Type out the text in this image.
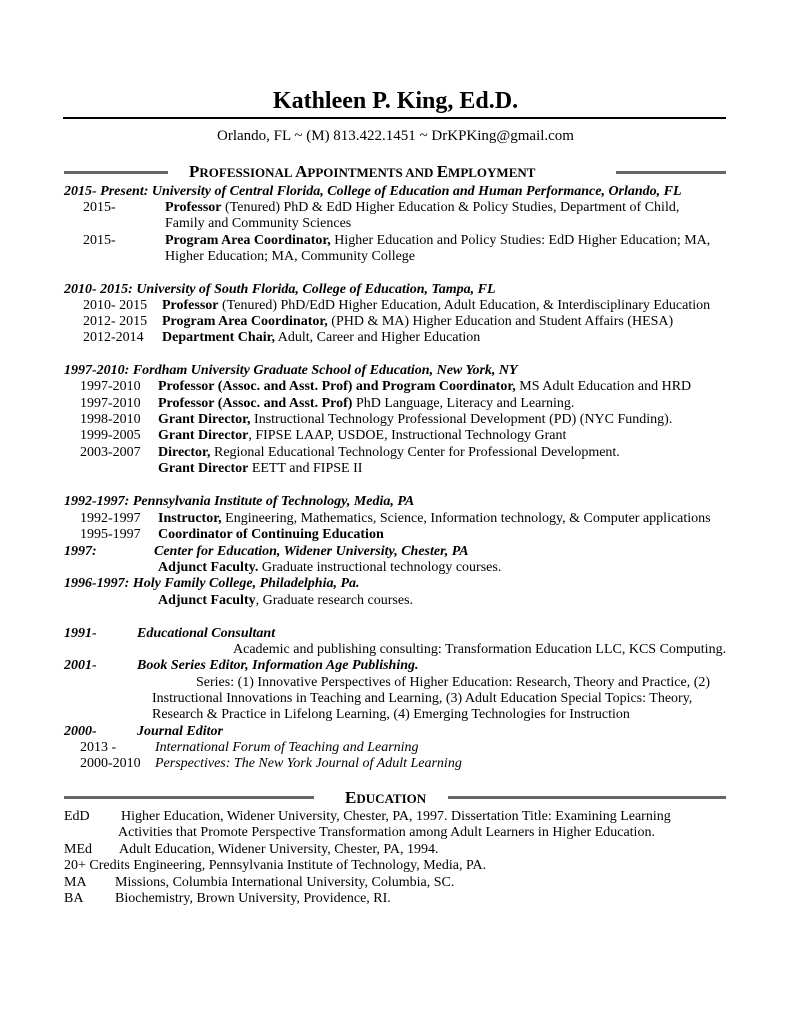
Kathleen P. King, Ed.D.
Orlando, FL ~ (M) 813.422.1451 ~ DrKPKing@gmail.com
PROFESSIONAL APPOINTMENTS AND EMPLOYMENT
2015- Present: University of Central Florida, College of Education and Human Performance, Orlando, FL
2015-	Professor (Tenured) PhD & EdD Higher Education & Policy Studies, Department of Child,
Family and Community Sciences
2015-	Program Area Coordinator, Higher Education and Policy Studies: EdD Higher Education; MA,
Higher Education; MA, Community College
2010- 2015: University of South Florida, College of Education, Tampa, FL
2010- 2015 Professor (Tenured) PhD/EdD Higher Education, Adult Education, & Interdisciplinary Education
2012- 2015 Program Area Coordinator, (PHD & MA) Higher Education and Student Affairs (HESA)
2012-2014 Department Chair, Adult, Career and Higher Education
1997-2010: Fordham University Graduate School of Education, New York, NY
1997-2010 Professor (Assoc. and Asst. Prof) and Program Coordinator, MS Adult Education and HRD
1997-2010 Professor (Assoc. and Asst. Prof) PhD Language, Literacy and Learning.
1998-2010 Grant Director, Instructional Technology Professional Development (PD) (NYC Funding).
1999-2005 Grant Director, FIPSE LAAP, USDOE, Instructional Technology Grant
2003-2007 Director, Regional Educational Technology Center for Professional Development.
Grant Director EETT and FIPSE II
1992-1997: Pennsylvania Institute of Technology, Media, PA
1992-1997 Instructor, Engineering, Mathematics, Science, Information technology, & Computer applications
1995-1997 Coordinator of Continuing Education
1997:	Center for Education, Widener University, Chester, PA
Adjunct Faculty. Graduate instructional technology courses.
1996-1997: Holy Family College, Philadelphia, Pa.
Adjunct Faculty, Graduate research courses.
1991-	Educational Consultant
Academic and publishing consulting: Transformation Education LLC, KCS Computing.
2001-	Book Series Editor, Information Age Publishing.
Series: (1) Innovative Perspectives of Higher Education: Research, Theory and Practice, (2)
Instructional Innovations in Teaching and Learning, (3) Adult Education Special Topics: Theory,
Research & Practice in Lifelong Learning, (4) Emerging Technologies for Instruction
2000-	Journal Editor
2013 -	International Forum of Teaching and Learning
2000-2010 Perspectives: The New York Journal of Adult Learning
EDUCATION
EdD Higher Education, Widener University, Chester, PA, 1997. Dissertation Title: Examining Learning
Activities that Promote Perspective Transformation among Adult Learners in Higher Education.
MEd Adult Education, Widener University, Chester, PA, 1994.
20+ Credits Engineering, Pennsylvania Institute of Technology, Media, PA.
MA Missions, Columbia International University, Columbia, SC.
BA Biochemistry, Brown University, Providence, RI.
